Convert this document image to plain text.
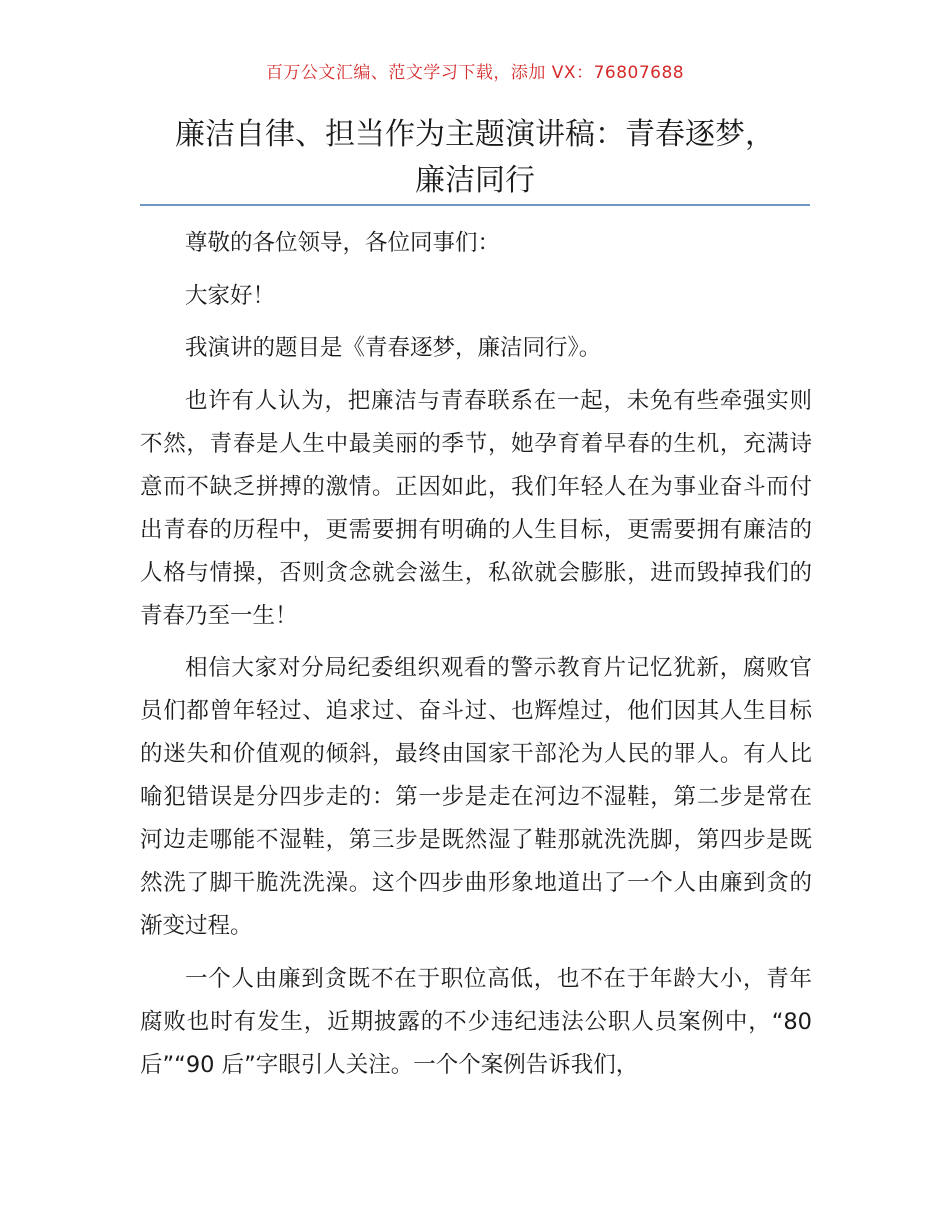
百万公文汇编、范文学习下载，添加 VX：76807688
廉洁自律、担当作为主题演讲稿：青春逐梦，
廉洁同行

尊敬的各位领导，各位同事们：

大家好！

我演讲的题目是《青春逐梦，廉洁同行》。

也许有人认为，把廉洁与青春联系在一起，未免有些牵强实则不然，青春是人生中最美丽的季节，她孕育着早春的生机，充满诗意而不缺乏拼搏的激情。正因如此，我们年轻人在为事业奋斗而付出青春的历程中，更需要拥有明确的人生目标，更需要拥有廉洁的人格与情操，否则贪念就会滋生，私欲就会膨胀，进而毁掉我们的青春乃至一生！

相信大家对分局纪委组织观看的警示教育片记忆犹新，腐败官员们都曾年轻过、追求过、奋斗过、也辉煌过，他们因其人生目标的迷失和价值观的倾斜，最终由国家干部沦为人民的罪人。有人比喻犯错误是分四步走的：第一步是走在河边不湿鞋，第二步是常在河边走哪能不湿鞋，第三步是既然湿了鞋那就洗洗脚，第四步是既然洗了脚干脆洗洗澡。这个四步曲形象地道出了一个人由廉到贪的渐变过程。

一个人由廉到贪既不在于职位高低，也不在于年龄大小，青年腐败也时有发生，近期披露的不少违纪违法公职人员案例中，“80 后”“90 后”字眼引人关注。一个个案例告诉我们，
